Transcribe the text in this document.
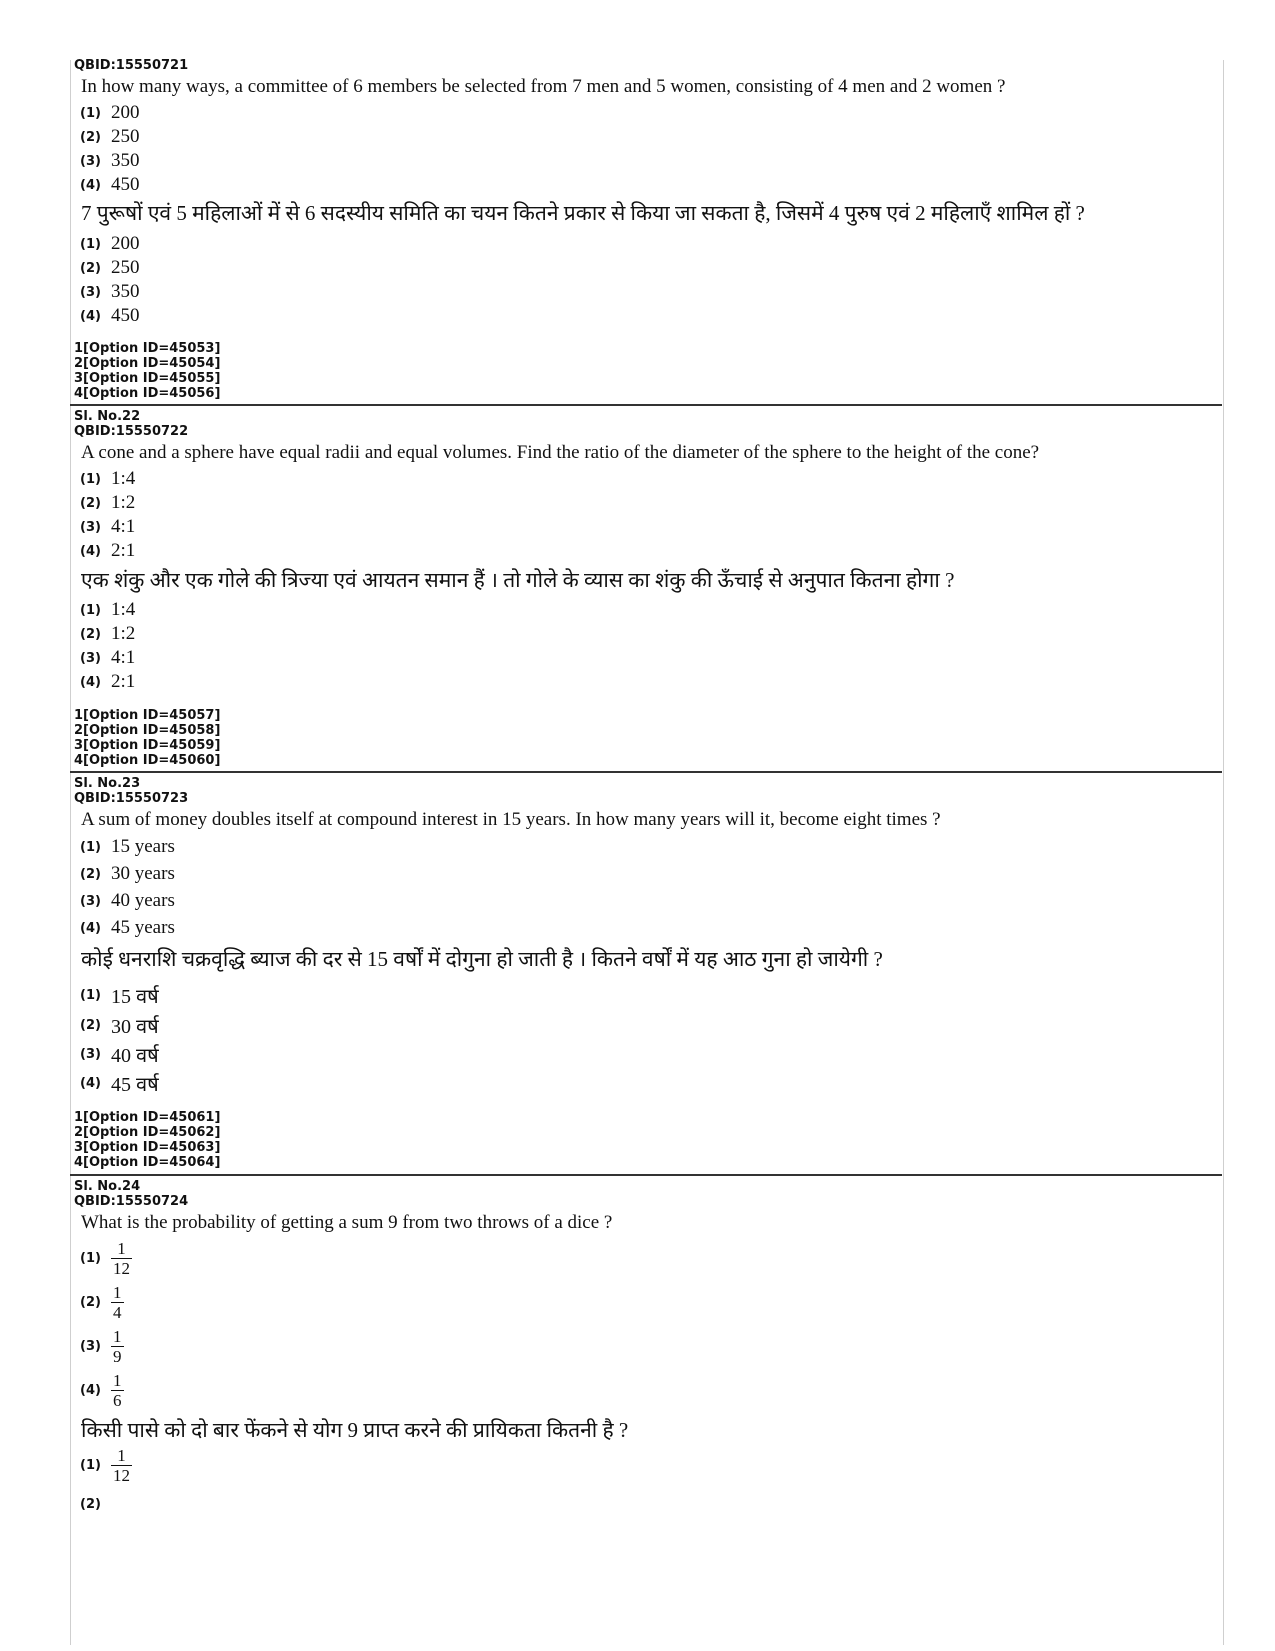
QBID:15550721
In how many ways, a committee of 6 members be selected from 7 men and 5 women, consisting of 4 men and 2 women ?
(1) 200
(2) 250
(3) 350
(4) 450
7 पुरूषों एवं 5 महिलाओं में से 6 सदस्यीय समिति का चयन कितने प्रकार से किया जा सकता है, जिसमें 4 पुरुष एवं 2 महिलाएँ शामिल हों ?
(1) 200
(2) 250
(3) 350
(4) 450
1[Option ID=45053]
2[Option ID=45054]
3[Option ID=45055]
4[Option ID=45056]
Sl. No.22
QBID:15550722
A cone and a sphere have equal radii and equal volumes. Find the ratio of the diameter of the sphere to the height of the cone?
(1) 1:4
(2) 1:2
(3) 4:1
(4) 2:1
एक शंकु और एक गोले की त्रिज्या एवं आयतन समान हैं । तो गोले के व्यास का शंकु की ऊँचाई से अनुपात कितना होगा ?
(1) 1:4
(2) 1:2
(3) 4:1
(4) 2:1
1[Option ID=45057]
2[Option ID=45058]
3[Option ID=45059]
4[Option ID=45060]
Sl. No.23
QBID:15550723
A sum of money doubles itself at compound interest in 15 years. In how many years will it, become eight times ?
(1) 15 years
(2) 30 years
(3) 40 years
(4) 45 years
कोई धनराशि चक्रवृद्धि ब्याज की दर से 15 वर्षों में दोगुना हो जाती है । कितने वर्षों में यह आठ गुना हो जायेगी ?
(1) 15 वर्ष
(2) 30 वर्ष
(3) 40 वर्ष
(4) 45 वर्ष
1[Option ID=45061]
2[Option ID=45062]
3[Option ID=45063]
4[Option ID=45064]
Sl. No.24
QBID:15550724
What is the probability of getting a sum 9 from two throws of a dice ?
$(1) \frac{1}{12}$
$(2) \frac{1}{4}$
$(3) \frac{1}{9}$
$(4) \frac{1}{6}$
किसी पासे को दो बार फेंकने से योग 9 प्राप्त करने की प्रायिकता कितनी है ?
$(1) \frac{1}{12}$
(2)
